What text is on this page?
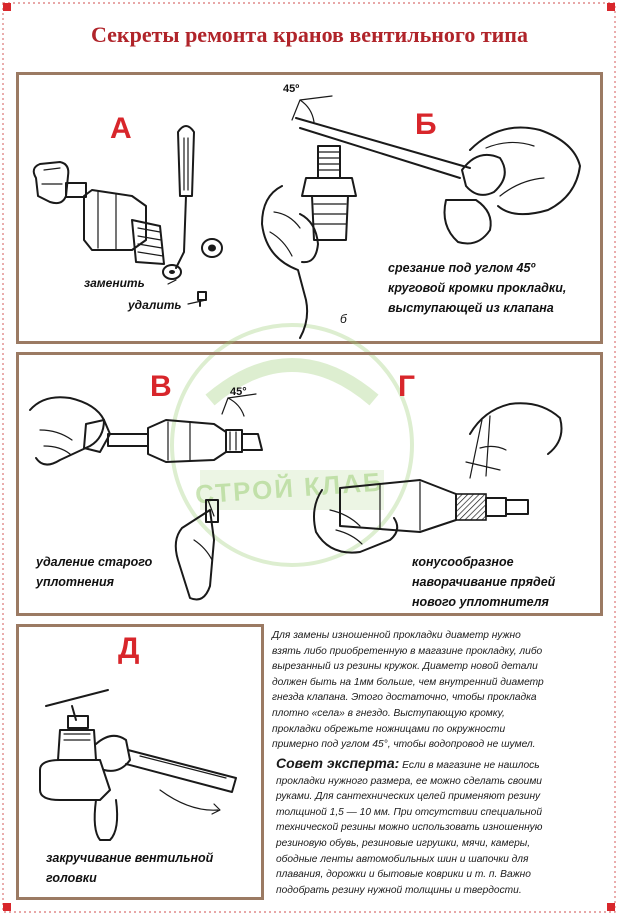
Секреты ремонта кранов вентильного типа
СТРОЙ КЛАБ
А	Б
заменить
удалить
45º
б
срезание под углом 45º
круговой кромки прокладки,
выступающей из клапана
В	Г
45°
удаление старого
уплотнения
конусообразное
наворачивание прядей
нового уплотнителя
Д
закручивание вентильной
головки
Для замены изношенной прокладки диаметр нужно
взять либо приобретенную в магазине прокладку, либо
вырезанный из резины кружок. Диаметр новой детали
должен быть на 1мм больше, чем внутренний диаметр
гнезда клапана. Этого достаточно, чтобы прокладка
плотно «села» в гнездо. Выступающую кромку,
прокладки обрежьте ножницами по окружности
примерно под углом 45°, чтобы водопровод не шумел.
Совет эксперта: Если в магазине не нашлось
прокладки нужного размера, ее можно сделать своими
руками. Для сантехнических целей применяют резину
толщиной 1,5 — 10 мм. При отсутствии специальной
технической резины можно использовать изношенную
резиновую обувь, резиновые игрушки, мячи, камеры,
ободные ленты автомобильных шин и шапочки для
плавания, дорожки и бытовые коврики и т. п. Важно
подобрать резину нужной толщины и твердости.
